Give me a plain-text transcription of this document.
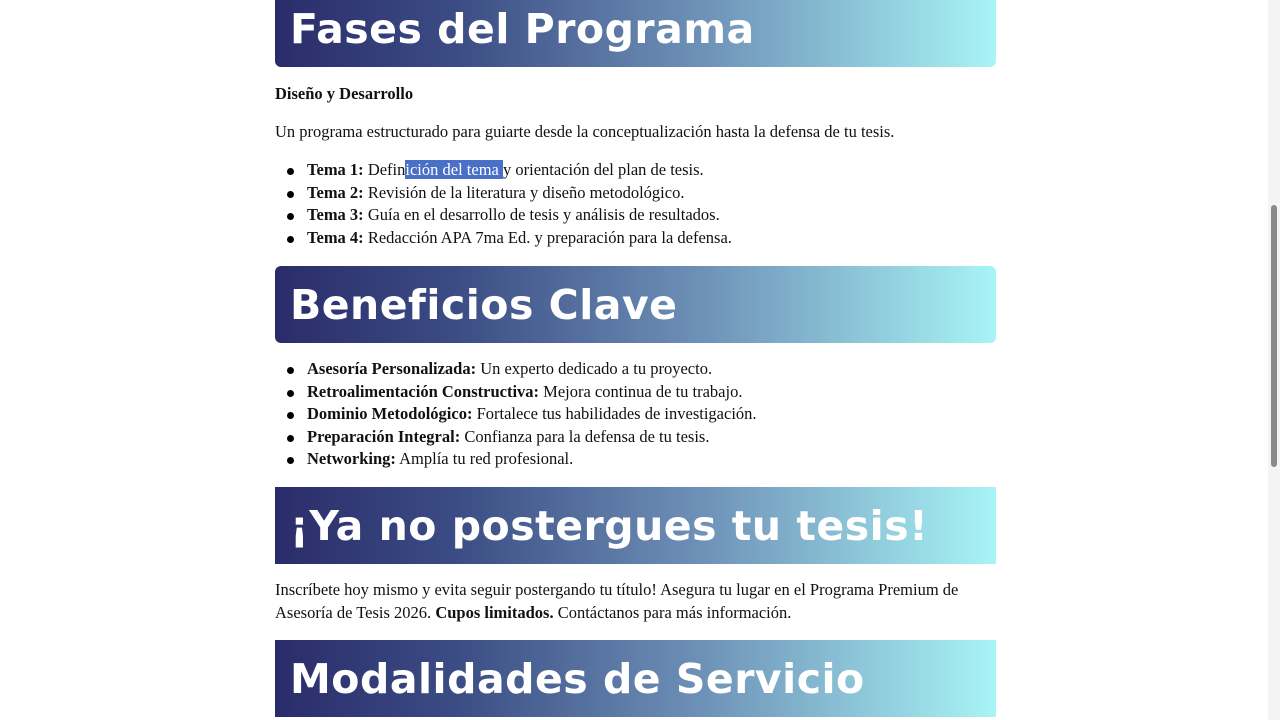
Fases del Programa
Diseño y Desarrollo
Un programa estructurado para guiarte desde la conceptualización hasta la defensa de tu tesis.
Tema 1: Definición del tema y orientación del plan de tesis.
Tema 2: Revisión de la literatura y diseño metodológico.
Tema 3: Guía en el desarrollo de tesis y análisis de resultados.
Tema 4: Redacción APA 7ma Ed. y preparación para la defensa.
Beneficios Clave
Asesoría Personalizada: Un experto dedicado a tu proyecto.
Retroalimentación Constructiva: Mejora continua de tu trabajo.
Dominio Metodológico: Fortalece tus habilidades de investigación.
Preparación Integral: Confianza para la defensa de tu tesis.
Networking: Amplía tu red profesional.
¡Ya no postergues tu tesis!
Inscríbete hoy mismo y evita seguir postergando tu título! Asegura tu lugar en el Programa Premium de Asesoría de Tesis 2026. Cupos limitados. Contáctanos para más información.
Modalidades de Servicio
